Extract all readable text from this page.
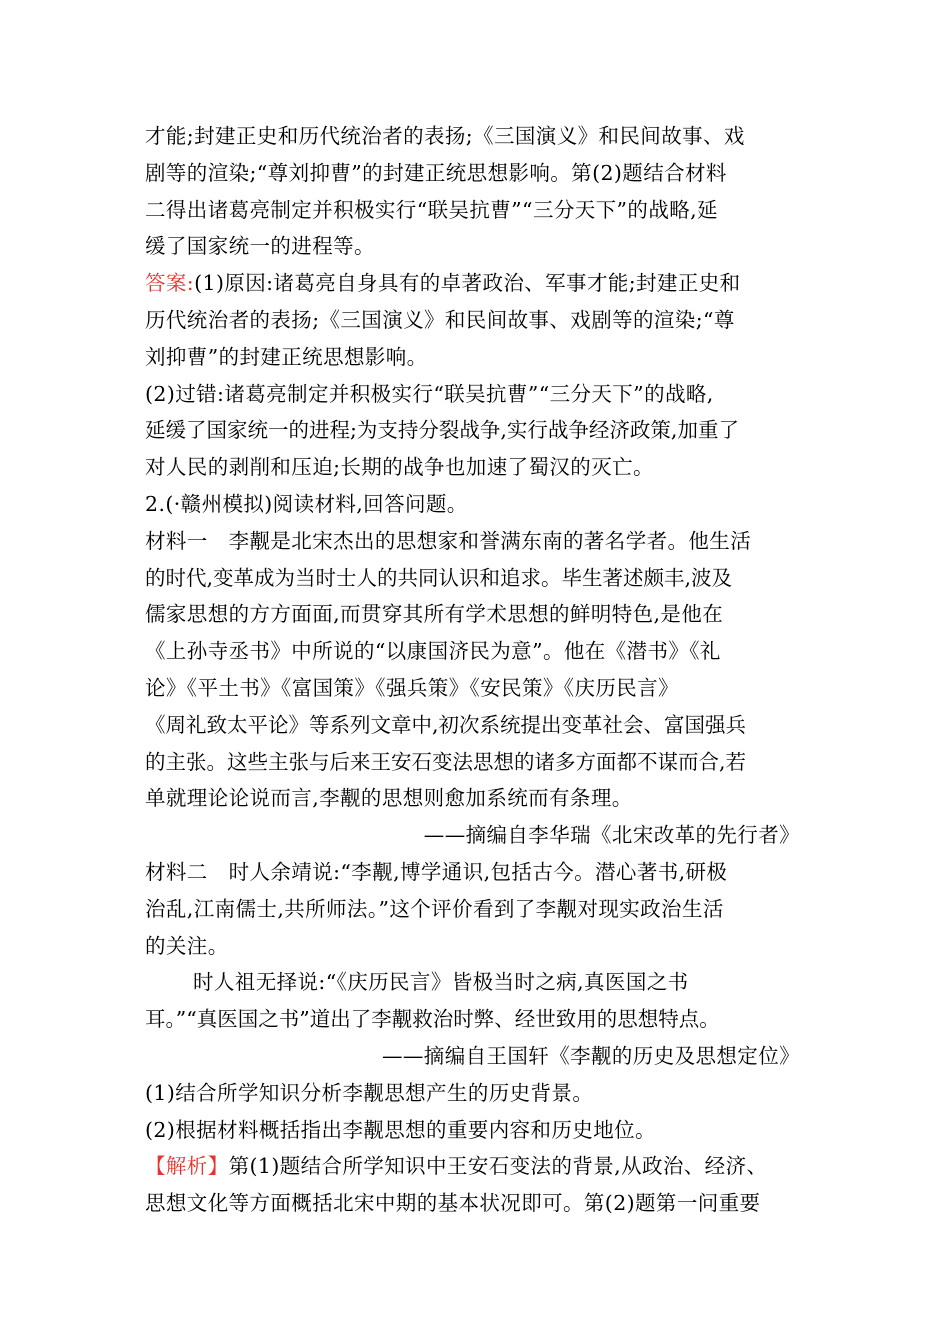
才能;封建正史和历代统治者的表扬;《三国演义》和民间故事、戏
剧等的渲染;“尊刘抑曹”的封建正统思想影响。第(2)题结合材料
二得出诸葛亮制定并积极实行“联吴抗曹”“三分天下”的战略,延
缓了国家统一的进程等。
答案:(1)原因:诸葛亮自身具有的卓著政治、军事才能;封建正史和
历代统治者的表扬;《三国演义》和民间故事、戏剧等的渲染;“尊
刘抑曹”的封建正统思想影响。
(2)过错:诸葛亮制定并积极实行“联吴抗曹”“三分天下”的战略,
延缓了国家统一的进程;为支持分裂战争,实行战争经济政策,加重了
对人民的剥削和压迫;长期的战争也加速了蜀汉的灭亡。
2.(·赣州模拟)阅读材料,回答问题。
材料一　李觏是北宋杰出的思想家和誉满东南的著名学者。他生活
的时代,变革成为当时士人的共同认识和追求。毕生著述颇丰,波及
儒家思想的方方面面,而贯穿其所有学术思想的鲜明特色,是他在
《上孙寺丞书》中所说的“以康国济民为意”。他在《潜书》《礼
论》《平土书》《富国策》《强兵策》《安民策》《庆历民言》
《周礼致太平论》等系列文章中,初次系统提出变革社会、富国强兵
的主张。这些主张与后来王安石变法思想的诸多方面都不谋而合,若
单就理论论说而言,李觏的思想则愈加系统而有条理。
——摘编自李华瑞《北宋改革的先行者》
材料二　时人余靖说:“李觏,博学通识,包括古今。潜心著书,研极
治乱,江南儒士,共所师法。”这个评价看到了李觏对现实政治生活
的关注。
时人祖无择说:“《庆历民言》皆极当时之病,真医国之书
耳。”“真医国之书”道出了李觏救治时弊、经世致用的思想特点。
——摘编自王国轩《李觏的历史及思想定位》
(1)结合所学知识分析李觏思想产生的历史背景。
(2)根据材料概括指出李觏思想的重要内容和历史地位。
【解析】第(1)题结合所学知识中王安石变法的背景,从政治、经济、
思想文化等方面概括北宋中期的基本状况即可。第(2)题第一问重要
